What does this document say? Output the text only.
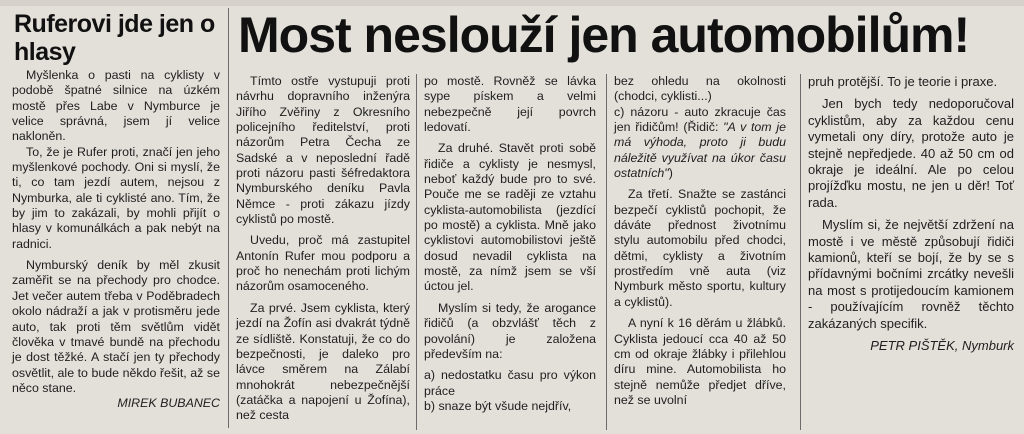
Ruferovi jde jen o hlasy

Myšlenka o pasti na cyklisty v podobě špatné silnice na úzkém mostě přes Labe v Nymburce je velice správná, jsem jí velice nakloněn.

To, že je Rufer proti, značí jen jeho myšlenkové pochody. Oni si myslí, že ti, co tam jezdí autem, nejsou z Nymburka, ale ti cyklisté ano. Tím, že by jim to zakázali, by mohli přijít o hlasy v komunálkách a pak nebýt na radnici.

Nymburský deník by měl zkusit zaměřit se na přechody pro chodce. Jet večer autem třeba v Poděbradech okolo nádraží a jak v protisměru jede auto, tak proti těm světlům vidět člověka v tmavé bundě na přechodu je dost těžké. A stačí jen ty přechody osvětlit, ale to bude někdo řešit, až se něco stane.

MIREK BUBANEC

Most neslouží jen automobilům!

Tímto ostře vystupuji proti návrhu dopravního inženýra Jiřího Zvěřiny z Okresního policejního ředitelství, proti názorům Petra Čecha ze Sadské a v neposlední řadě proti názoru pasti šéfredaktora Nymburského deníku Pavla Němce - proti zákazu jízdy cyklistů po mostě.

Uvedu, proč má zastupitel Antonín Rufer mou podporu a proč ho nenechám proti lichým názorům osamoceného.

Za prvé. Jsem cyklista, který jezdí na Žofín asi dvakrát týdně ze sídliště. Konstatuji, že co do bezpečnosti, je daleko pro lávce směrem na Zálabí mnohokrát nebezpečnější (zatáčka a napojení u Žofína), než cesta

po mostě. Rovněž se lávka sype pískem a velmi nebezpečně její povrch ledovatí.

Za druhé. Stavět proti sobě řidiče a cyklisty je nesmysl, neboť každý bude pro to své. Pouče me se raději ze vztahu cyklista-automobilista (jezdící po mostě) a cyklista. Mně jako cyklistovi automobilistovi ještě dosud nevadil cyklista na mostě, za nímž jsem se vší úctou jel.

Myslím si tedy, že arogance řidičů (a obzvlášť těch z povolání) je založena především na:

a) nedostatku času pro výkon práce

b) snaze být všude nejdřív,

bez ohledu na okolnosti (chodci, cyklisti...)

c) názoru - auto zkracuje čas jen řidičům! (Řidič: "A v tom je má výhoda, proto ji budu náležitě využívat na úkor času ostatních")

Za třetí. Snažte se zastánci bezpečí cyklistů pochopit, že dáváte přednost životnímu stylu automobilu před chodci, dětmi, cyklisty a životním prostředím vně auta (viz Nymburk město sportu, kultury a cyklistů).

A nyní k 16 děrám u žlábků. Cyklista jedoucí cca 40 až 50 cm od okraje žlábky i přilehlou díru mine. Automobilista ho stejně nemůže předjet dříve, než se uvolní

pruh protější. To je teorie i praxe.

Jen bych tedy nedoporučoval cyklistům, aby za každou cenu vymetali ony díry, protože auto je stejně nepředjede. 40 až 50 cm od okraje je ideální. Ale po celou projížďku mostu, ne jen u děr! Toť rada.

Myslím si, že největší zdržení na mostě i ve městě způsobují řidiči kamionů, kteří se bojí, že by se s přídavnými bočními zrcátky nevešli na most s protijedoucím kamionem - používajícím rovněž těchto zakázaných specifik.

PETR PIŠTĚK, Nymburk
